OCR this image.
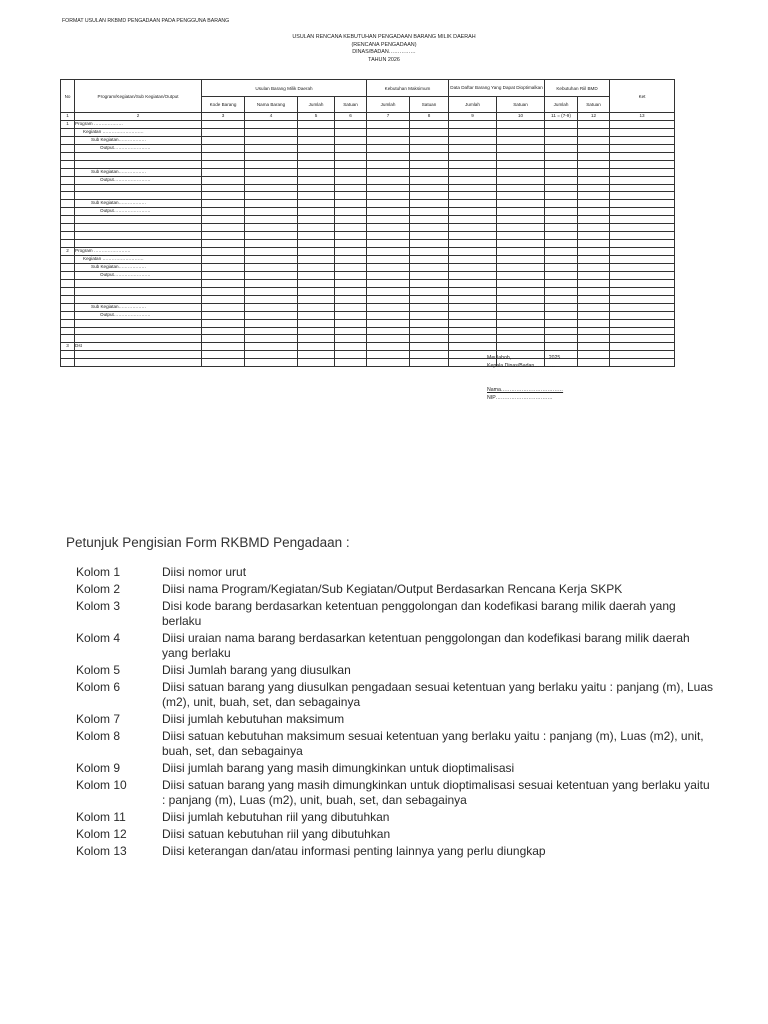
FORMAT USULAN RKBMD PENGADAAN PADA PENGGUNA BARANG
USULAN RENCANA KEBUTUHAN PENGADAAN BARANG MILIK DAERAH
(RENCANA PENGADAAN)
DINAS/BADAN……………
TAHUN 2026
No	Program/Kegiatan/Sub Kegiatan/Output	Usulan Barang Milik Daerah				Kebutuhan Maksimum		Data Daftar Barang Yang Dapat Dioptimalkan		Kebutuhan Riil BMD		Ket
		Kode Barang	Nama Barang	Jumlah	Satuan	Jumlah	Satuan	Jumlah	Satuan	Jumlah	Satuan	
1	2	3	4	5	6	7	8	9	10	11 = (7-9)	12	13
1	Program ……………….											
	Kegiatan ………………………											
	Sub Kegiatan………………											
	Output……………………											

	Sub Kegiatan………………											
	Output……………………											

	Sub Kegiatan………………											
	Output……………………											

2	Program ……………………											
	Kegiatan ………………………											
	Sub Kegiatan………………											
	Output……………………											

	Sub Kegiatan………………											
	Output……………………											

3	Dst											

Meulaboh,                          2025
Kepala Dinas/Badan…………
Nama………………………………
NIP……………………………
Petunjuk Pengisian Form RKBMD Pengadaan :
Kolom 1	Diisi nomor urut
Kolom 2	Diisi nama Program/Kegiatan/Sub Kegiatan/Output Berdasarkan Rencana Kerja SKPK
Kolom 3	Disi kode barang berdasarkan ketentuan penggolongan dan kodefikasi barang milik daerah yang berlaku
Kolom 4	Diisi uraian nama barang berdasarkan ketentuan penggolongan dan kodefikasi barang milik daerah yang berlaku
Kolom 5	Diisi Jumlah barang yang diusulkan
Kolom 6	Diisi satuan barang yang diusulkan pengadaan sesuai ketentuan yang berlaku yaitu : panjang (m), Luas (m2), unit, buah, set, dan sebagainya
Kolom 7	Diisi jumlah kebutuhan maksimum
Kolom 8	Diisi satuan kebutuhan maksimum sesuai ketentuan yang berlaku yaitu : panjang (m), Luas (m2), unit, buah, set, dan sebagainya
Kolom 9	Diisi jumlah barang yang masih dimungkinkan untuk dioptimalisasi
Kolom 10	Diisi satuan barang yang masih dimungkinkan untuk dioptimalisasi sesuai ketentuan yang berlaku yaitu : panjang (m), Luas (m2), unit, buah, set, dan sebagainya
Kolom 11	Diisi jumlah kebutuhan riil yang dibutuhkan
Kolom 12	Diisi satuan kebutuhan riil yang dibutuhkan
Kolom 13	Diisi keterangan dan/atau informasi penting lainnya yang perlu diungkap
